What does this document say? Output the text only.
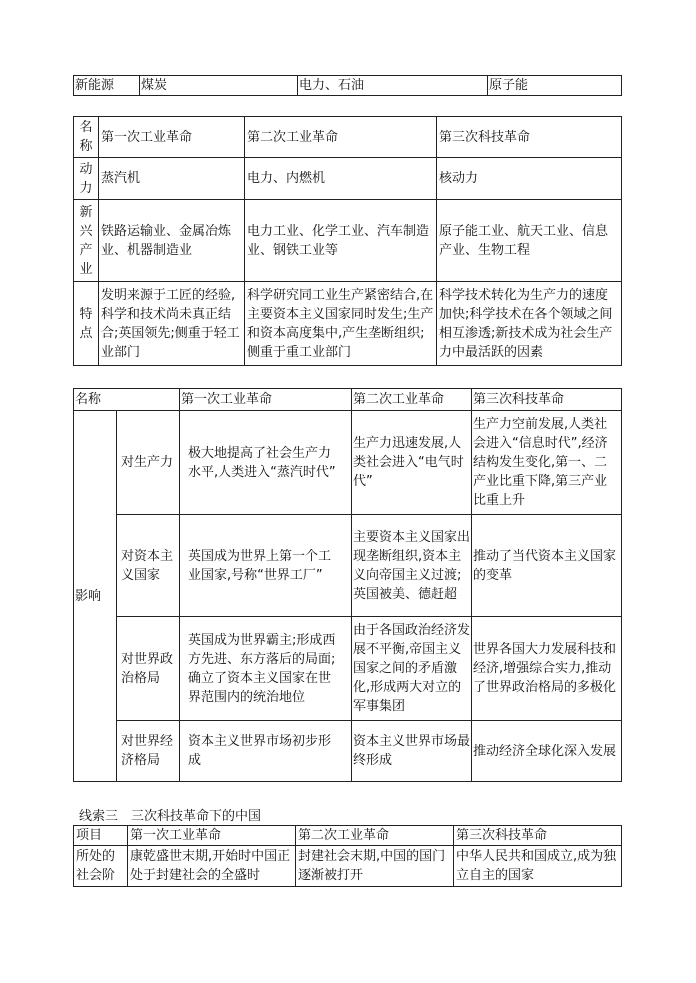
新能源	煤炭	电力、石油	原子能
名称	第一次工业革命	第二次工业革命	第三次科技革命
动力	蒸汽机	电力、内燃机	核动力
新兴产业	铁路运输业、金属冶炼业、机器制造业	电力工业、化学工业、汽车制造业、钢铁工业等	原子能工业、航天工业、信息产业、生物工程
特点	发明来源于工匠的经验,科学和技术尚未真正结合;英国领先;侧重于轻工业部门	科学研究同工业生产紧密结合,在主要资本主义国家同时发生;生产和资本高度集中,产生垄断组织;侧重于重工业部门	科学技术转化为生产力的速度加快;科学技术在各个领域之间相互渗透;新技术成为社会生产力中最活跃的因素
名称		第一次工业革命	第二次工业革命	第三次科技革命
影响	对生产力	极大地提高了社会生产力水平,人类进入“蒸汽时代”	生产力迅速发展,人类社会进入“电气时代”	生产力空前发展,人类社会进入“信息时代”,经济结构发生变化,第一、二产业比重下降,第三产业比重上升
	对资本主义国家	英国成为世界上第一个工业国家,号称“世界工厂”	主要资本主义国家出现垄断组织,资本主义向帝国主义过渡;英国被美、德赶超	推动了当代资本主义国家的变革
	对世界政治格局	英国成为世界霸主;形成西方先进、东方落后的局面;确立了资本主义国家在世界范围内的统治地位	由于各国政治经济发展不平衡,帝国主义国家之间的矛盾激化,形成两大对立的军事集团	世界各国大力发展科技和经济,增强综合实力,推动了世界政治格局的多极化
	对世界经济格局	资本主义世界市场初步形成	资本主义世界市场最终形成	推动经济全球化深入发展
线索三　三次科技革命下的中国
项目	第一次工业革命	第二次工业革命	第三次科技革命
所处的社会阶	康乾盛世末期,开始时中国正处于封建社会的全盛时	封建社会末期,中国的国门逐渐被打开	中华人民共和国成立,成为独立自主的国家
